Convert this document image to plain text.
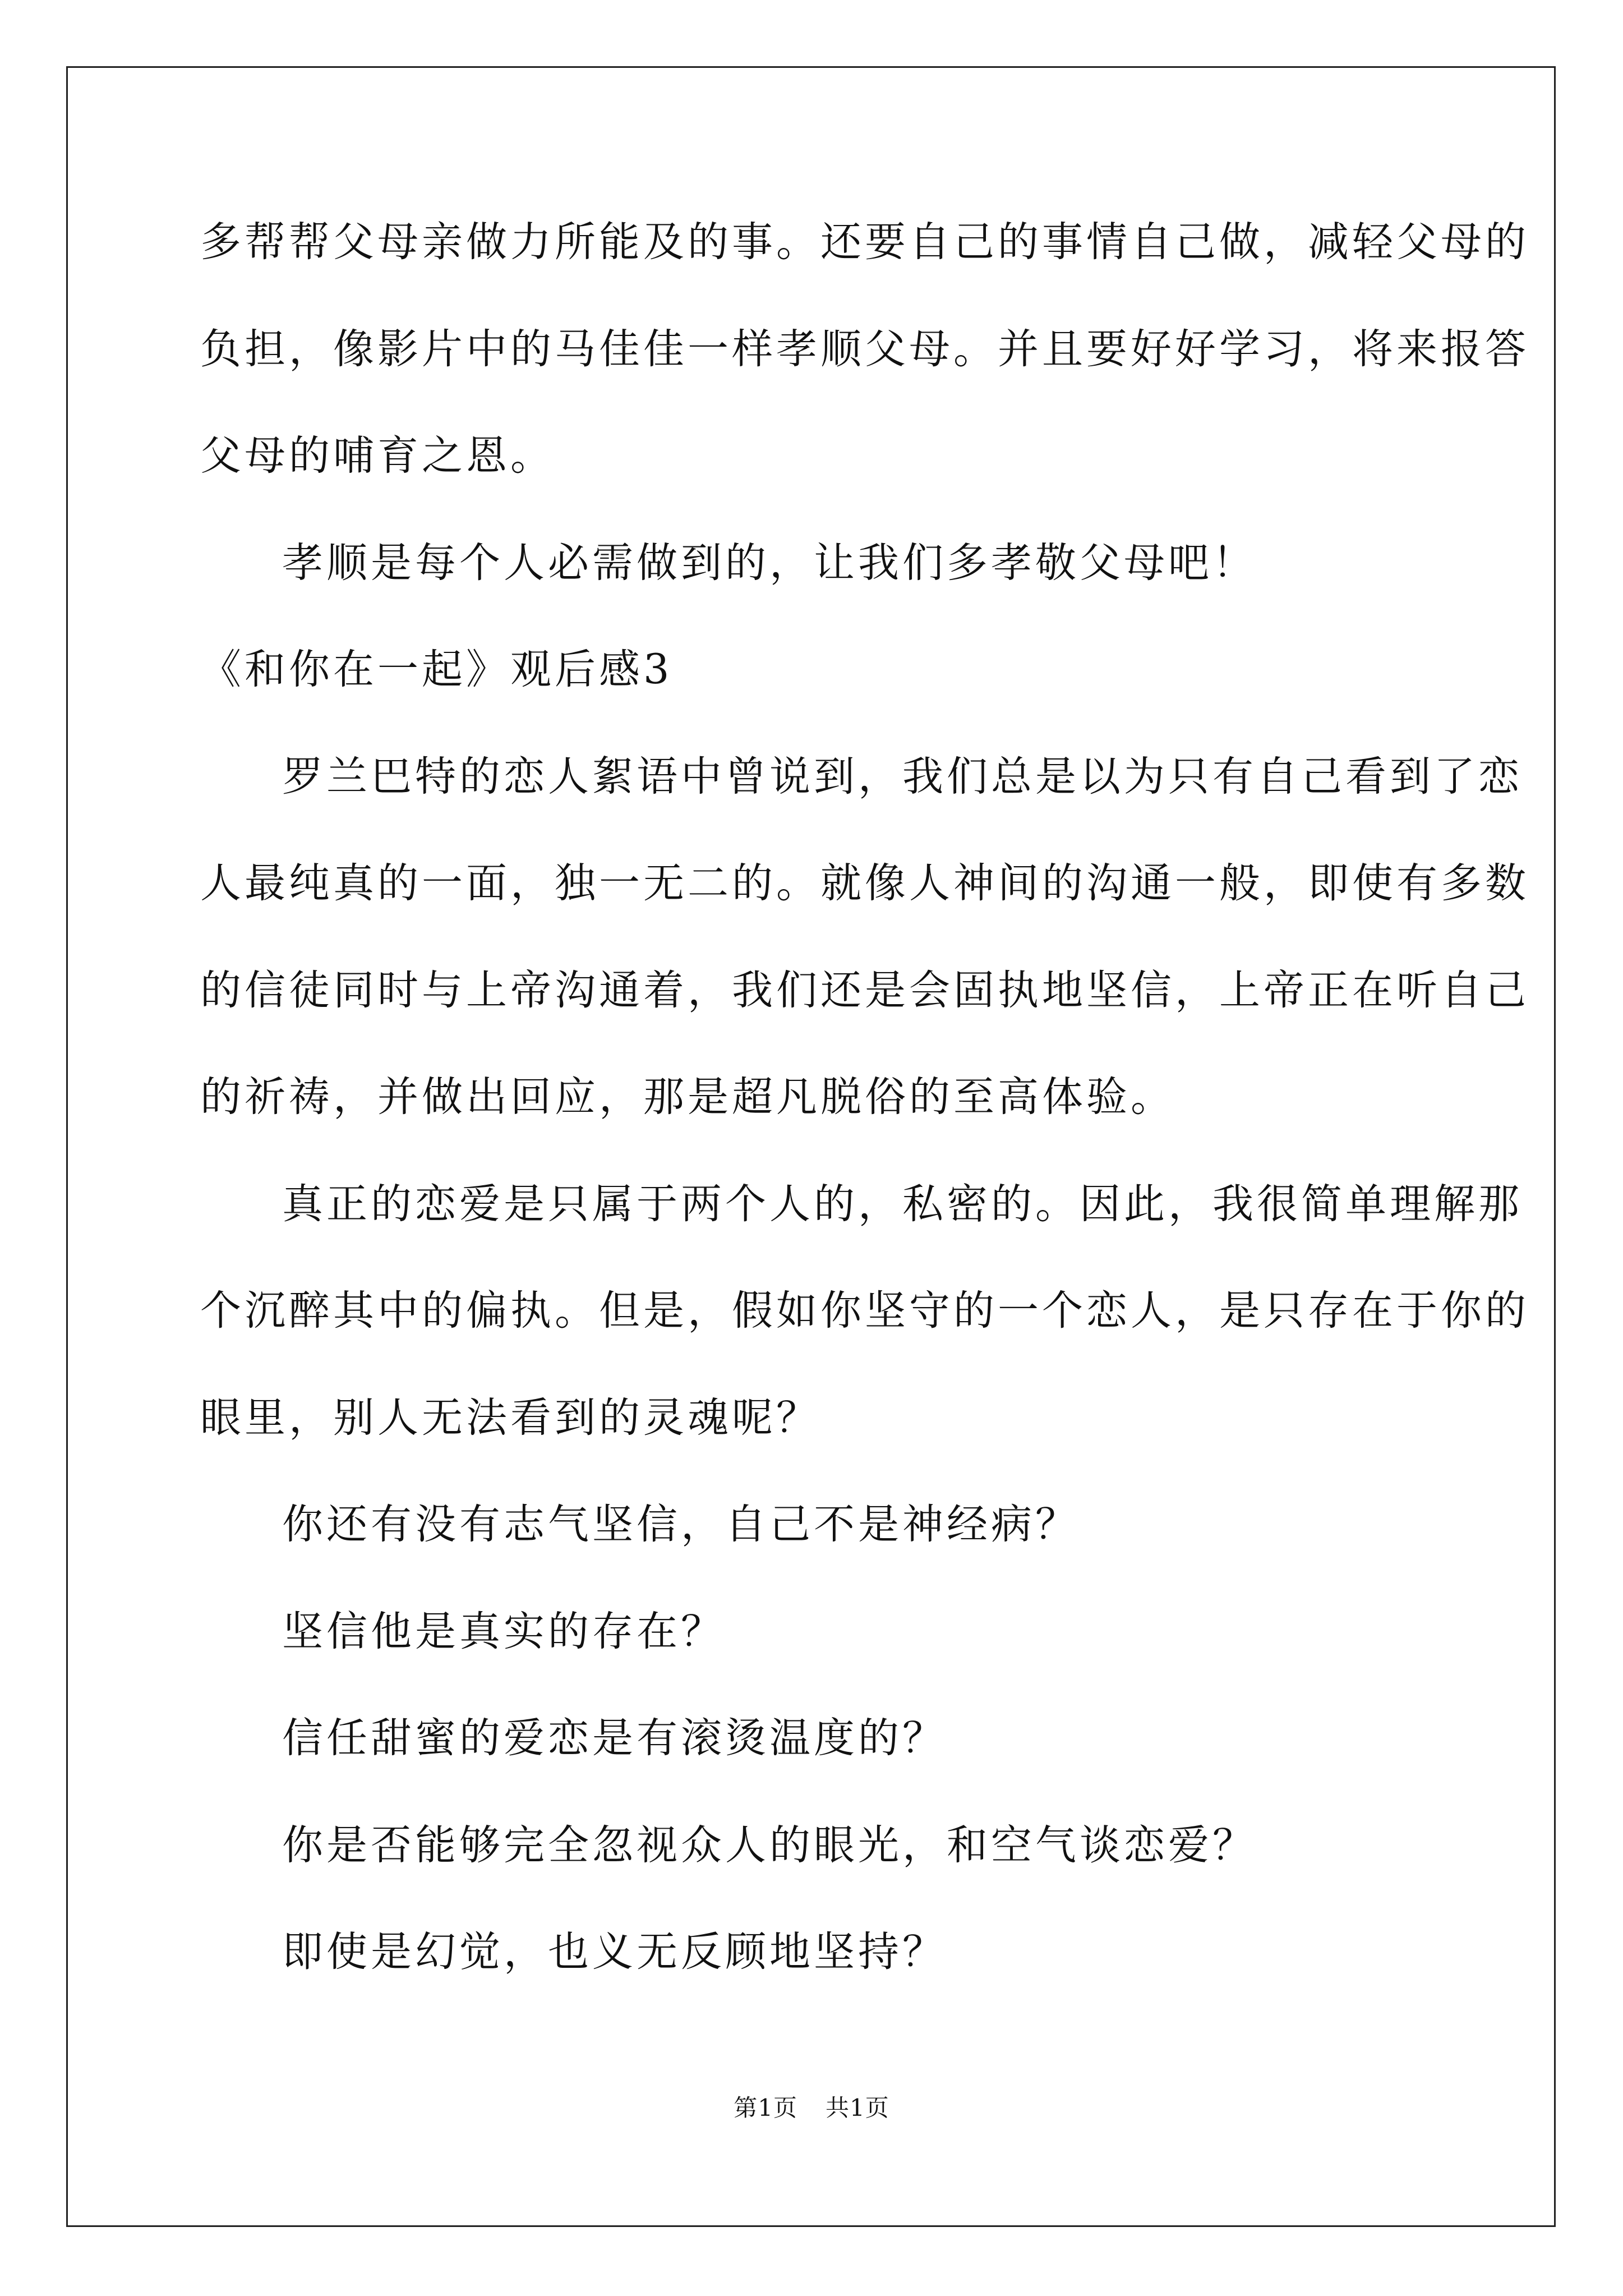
多帮帮父母亲做力所能及的事。还要自己的事情自己做，减轻父母的
负担，像影片中的马佳佳一样孝顺父母。并且要好好学习，将来报答
父母的哺育之恩。
孝顺是每个人必需做到的，让我们多孝敬父母吧！
《和你在一起》观后感3
罗兰巴特的恋人絮语中曾说到，我们总是以为只有自己看到了恋
人最纯真的一面，独一无二的。就像人神间的沟通一般，即使有多数
的信徒同时与上帝沟通着，我们还是会固执地坚信，上帝正在听自己
的祈祷，并做出回应，那是超凡脱俗的至高体验。
真正的恋爱是只属于两个人的，私密的。因此，我很简单理解那
个沉醉其中的偏执。但是，假如你坚守的一个恋人，是只存在于你的
眼里，别人无法看到的灵魂呢？
你还有没有志气坚信，自己不是神经病？
坚信他是真实的存在？
信任甜蜜的爱恋是有滚烫温度的？
你是否能够完全忽视众人的眼光，和空气谈恋爱？
即使是幻觉，也义无反顾地坚持？
第1页 共1页
